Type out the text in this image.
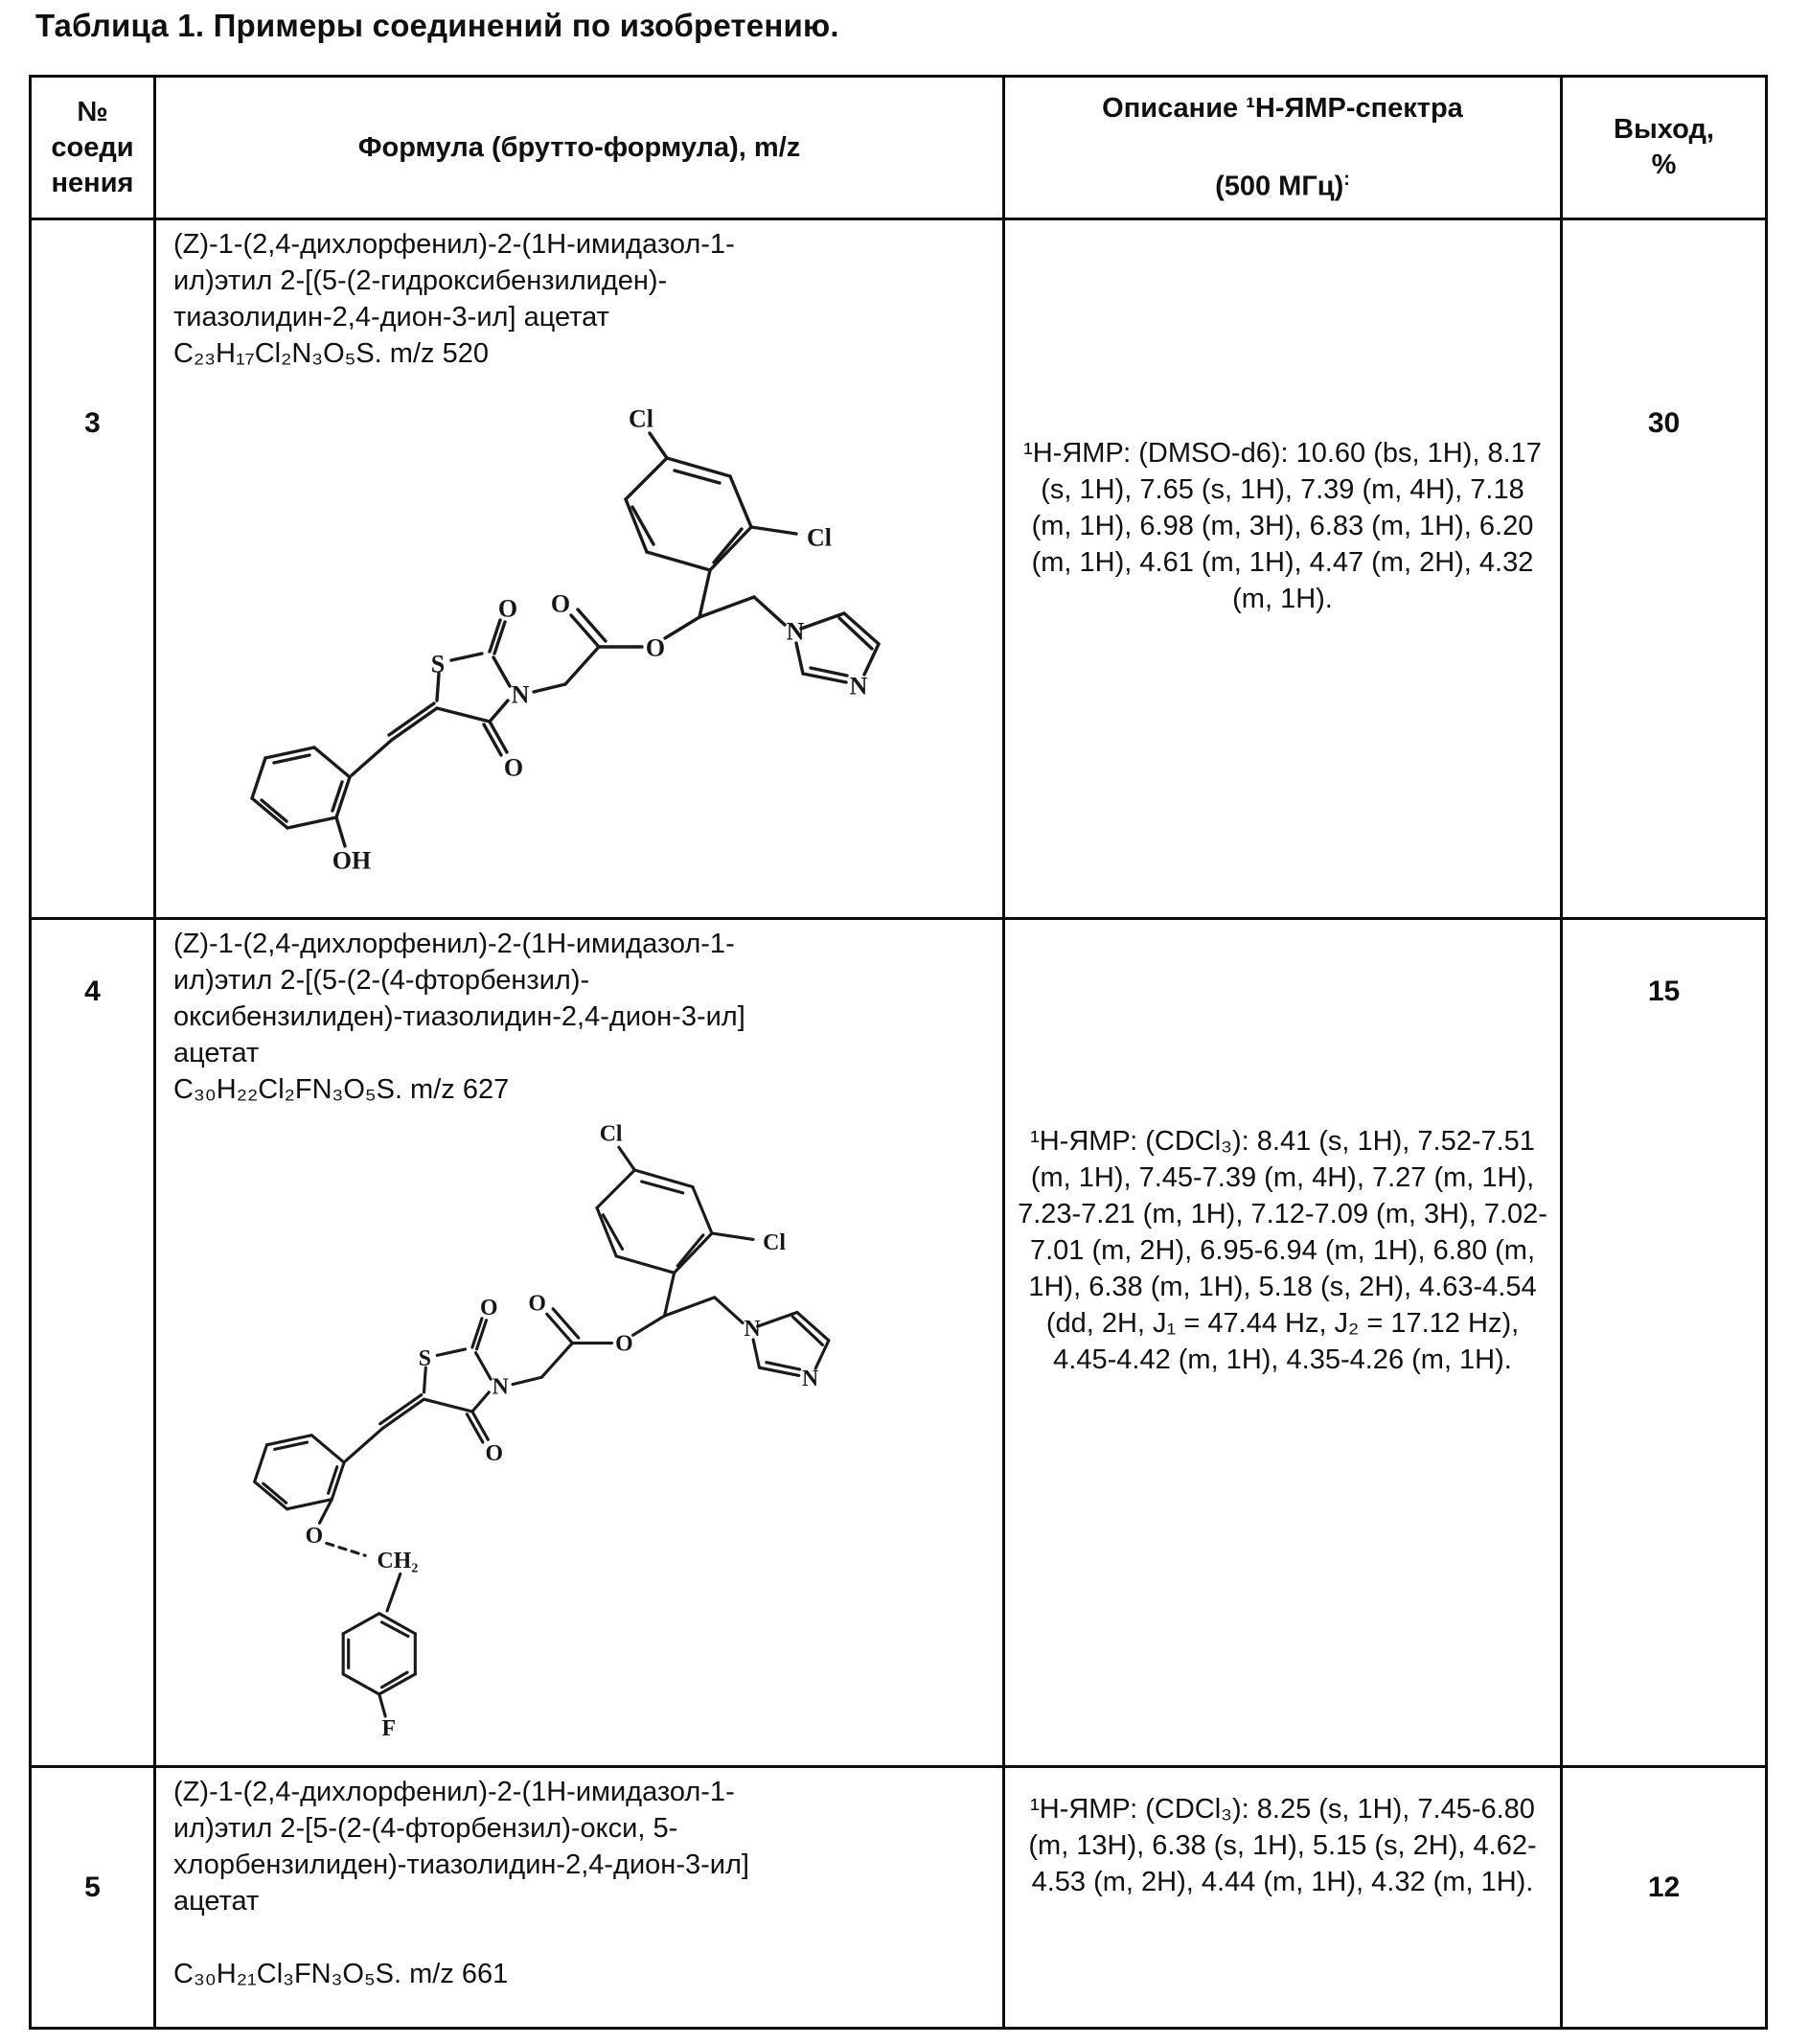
Таблица 1. Примеры соединений по изобретению.
№
соеди
нения
Формула (брутто-формула), m/z
Описание ¹Н-ЯМР-спектра

(500 МГц):
Выход,
%
3
(Z)-1-(2,4-дихлорфенил)-2-(1Н-имидазол-1-
ил)этил 2-[(5-(2-гидроксибензилиден)-
тиазолидин-2,4-дион-3-ил] ацетат
C₂₃H₁₇Cl₂N₃O₅S. m/z 520
Cl
Cl
O
O
O
O
S
N
N
N
OH
¹H-ЯМР: (DMSO-d6): 10.60 (bs, 1H), 8.17 (s, 1H), 7.65 (s, 1H), 7.39 (m, 4H), 7.18 (m, 1H), 6.98 (m, 3H), 6.83 (m, 1H), 6.20 (m, 1H), 4.61 (m, 1H), 4.47 (m, 2H), 4.32 (m, 1H).
30
4
(Z)-1-(2,4-дихлорфенил)-2-(1Н-имидазол-1-
ил)этил 2-[(5-(2-(4-фторбензил)-
оксибензилиден)-тиазолидин-2,4-дион-3-ил]
ацетат
C₃₀H₂₂Cl₂FN₃O₅S. m/z 627
Cl
Cl
O
O
O
O
S
N
N
N
O
CH₂
F
¹H-ЯМР: (CDCl₃): 8.41 (s, 1H), 7.52-7.51 (m, 1H), 7.45-7.39 (m, 4H), 7.27 (m, 1H), 7.23-7.21 (m, 1H), 7.12-7.09 (m, 3H), 7.02-7.01 (m, 2H), 6.95-6.94 (m, 1H), 6.80 (m, 1H), 6.38 (m, 1H), 5.18 (s, 2H), 4.63-4.54 (dd, 2H, J₁ = 47.44 Hz, J₂ = 17.12 Hz), 4.45-4.42 (m, 1H), 4.35-4.26 (m, 1H).
15
5
(Z)-1-(2,4-дихлорфенил)-2-(1Н-имидазол-1-
ил)этил 2-[5-(2-(4-фторбензил)-окси, 5-
хлорбензилиден)-тиазолидин-2,4-дион-3-ил]
ацетат

C₃₀H₂₁Cl₃FN₃O₅S. m/z 661
¹H-ЯМР: (CDCl₃): 8.25 (s, 1H), 7.45-6.80 (m, 13H), 6.38 (s, 1H), 5.15 (s, 2H), 4.62-4.53 (m, 2H), 4.44 (m, 1H), 4.32 (m, 1H).	12
